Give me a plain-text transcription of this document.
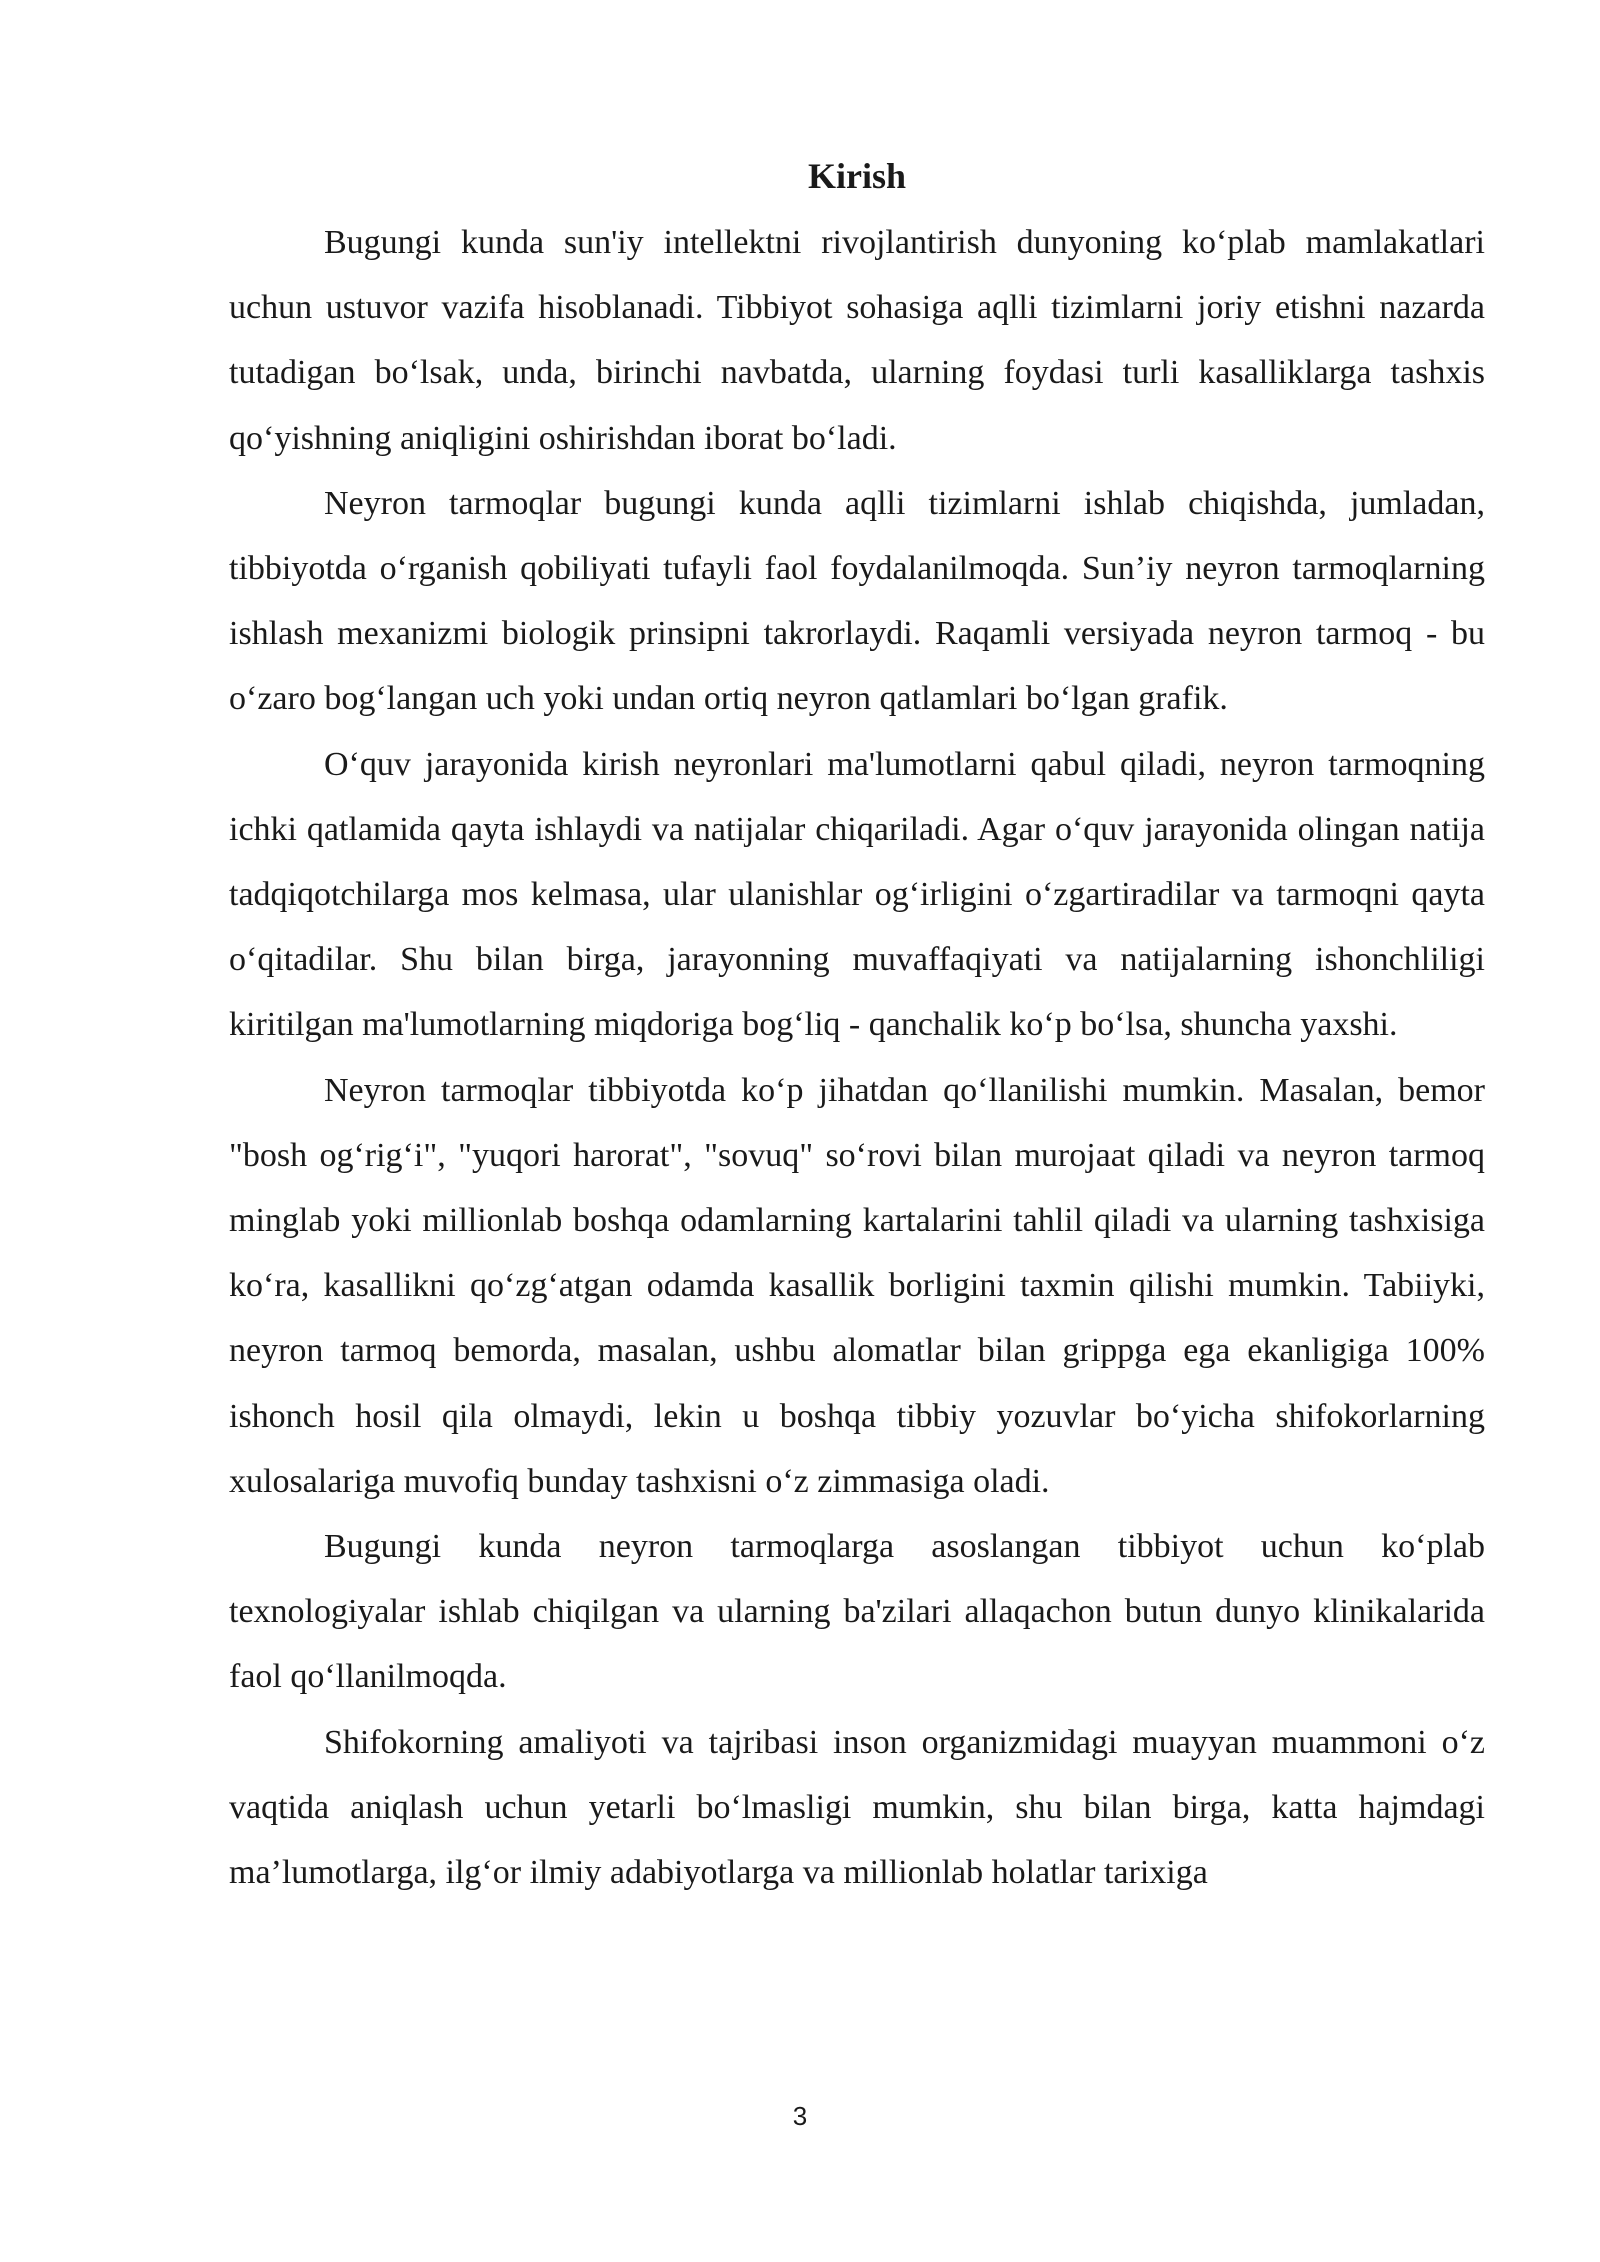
Kirish

Bugungi kunda sun'iy intellektni rivojlantirish dunyoning ko‘plab mamlakatlari uchun ustuvor vazifa hisoblanadi. Tibbiyot sohasiga aqlli tizimlarni joriy etishni nazarda tutadigan bo‘lsak, unda, birinchi navbatda, ularning foydasi turli kasalliklarga tashxis qo‘yishning aniqligini oshirishdan iborat bo‘ladi.

Neyron tarmoqlar bugungi kunda aqlli tizimlarni ishlab chiqishda, jumladan, tibbiyotda o‘rganish qobiliyati tufayli faol foydalanilmoqda. Sun’iy neyron tarmoqlarning ishlash mexanizmi biologik prinsipni takrorlaydi. Raqamli versiyada neyron tarmoq - bu o‘zaro bog‘langan uch yoki undan ortiq neyron qatlamlari bo‘lgan grafik.

O‘quv jarayonida kirish neyronlari ma'lumotlarni qabul qiladi, neyron tarmoqning ichki qatlamida qayta ishlaydi va natijalar chiqariladi. Agar o‘quv jarayonida olingan natija tadqiqotchilarga mos kelmasa, ular ulanishlar og‘irligini o‘zgartiradilar va tarmoqni qayta o‘qitadilar. Shu bilan birga, jarayonning muvaffaqiyati va natijalarning ishonchliligi kiritilgan ma'lumotlarning miqdoriga bog‘liq - qanchalik ko‘p bo‘lsa, shuncha yaxshi.

Neyron tarmoqlar tibbiyotda ko‘p jihatdan qo‘llanilishi mumkin. Masalan, bemor "bosh og‘rig‘i", "yuqori harorat", "sovuq" so‘rovi bilan murojaat qiladi va neyron tarmoq minglab yoki millionlab boshqa odamlarning kartalarini tahlil qiladi va ularning tashxisiga ko‘ra, kasallikni qo‘zg‘atgan odamda kasallik borligini taxmin qilishi mumkin. Tabiiyki, neyron tarmoq bemorda, masalan, ushbu alomatlar bilan grippga ega ekanligiga 100% ishonch hosil qila olmaydi, lekin u boshqa tibbiy yozuvlar bo‘yicha shifokorlarning xulosalariga muvofiq bunday tashxisni o‘z zimmasiga oladi.

Bugungi kunda neyron tarmoqlarga asoslangan tibbiyot uchun ko‘plab texnologiyalar ishlab chiqilgan va ularning ba'zilari allaqachon butun dunyo klinikalarida faol qo‘llanilmoqda.

Shifokorning amaliyoti va tajribasi inson organizmidagi muayyan muammoni o‘z vaqtida aniqlash uchun yetarli bo‘lmasligi mumkin, shu bilan birga, katta hajmdagi ma’lumotlarga, ilg‘or ilmiy adabiyotlarga va millionlab holatlar tarixiga

3
